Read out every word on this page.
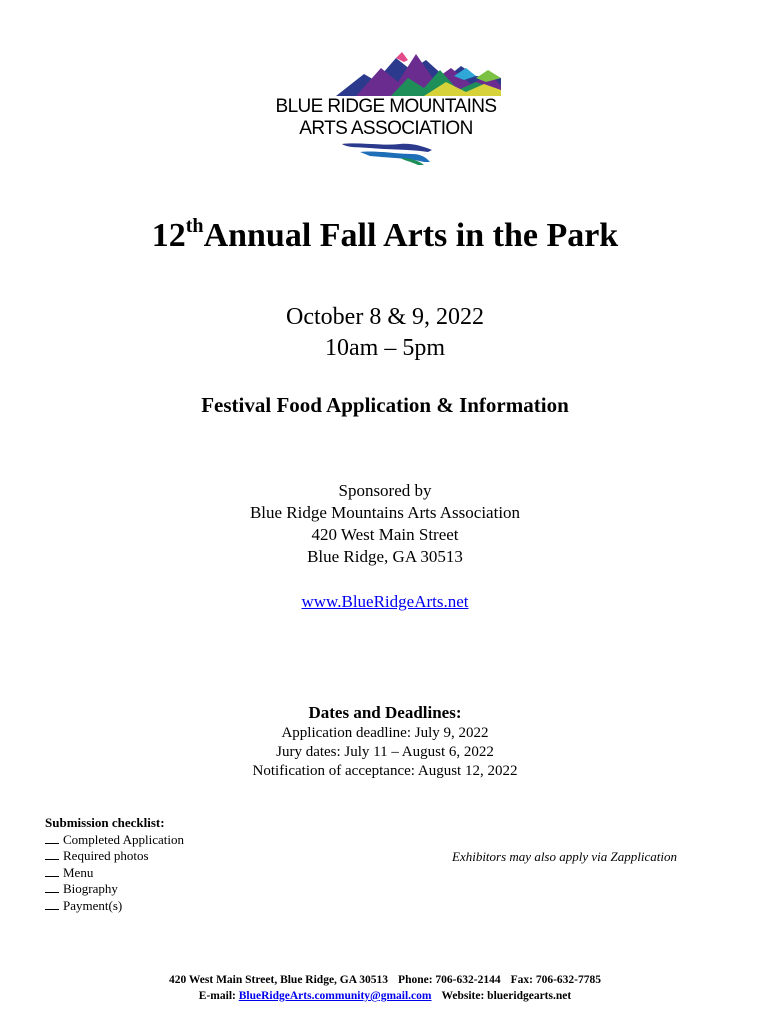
BLUE RIDGE MOUNTAINS
ARTS ASSOCIATION
12thAnnual Fall Arts in the Park
October 8 & 9, 2022
10am – 5pm
Festival Food Application & Information
Sponsored by
Blue Ridge Mountains Arts Association
420 West Main Street
Blue Ridge, GA 30513
www.BlueRidgeArts.net
Dates and Deadlines:
Application deadline: July 9, 2022
Jury dates: July 11 – August 6, 2022
Notification of acceptance: August 12, 2022
Submission checklist:
Completed Application
Required photos
Menu
Biography
Payment(s)
Exhibitors may also apply via Zapplication
420 West Main Street, Blue Ridge, GA 30513 Phone: 706-632-2144 Fax: 706-632-7785
E-mail: BlueRidgeArts.community@gmail.com Website: blueridgearts.net
